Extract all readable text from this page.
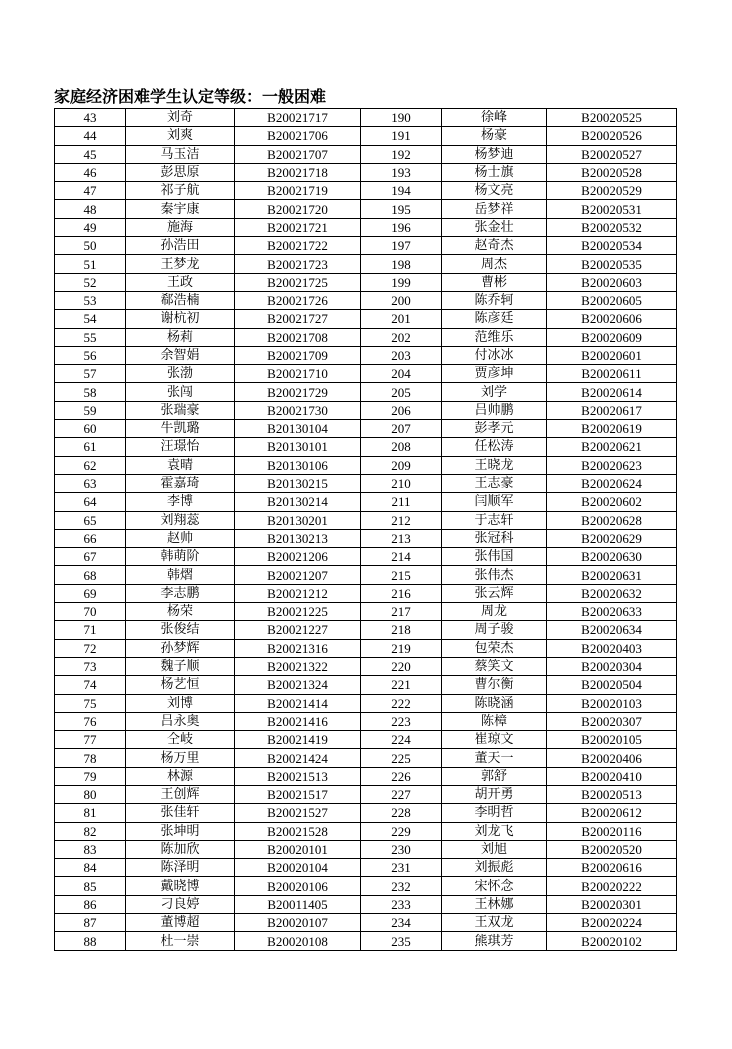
家庭经济困难学生认定等级：一般困难
43	刘奇	B20021717	190	徐峰	B20020525
44	刘爽	B20021706	191	杨豪	B20020526
45	马玉洁	B20021707	192	杨梦迪	B20020527
46	彭思原	B20021718	193	杨士旗	B20020528
47	祁子航	B20021719	194	杨文亮	B20020529
48	秦宇康	B20021720	195	岳梦祥	B20020531
49	施海	B20021721	196	张金壮	B20020532
50	孙浩田	B20021722	197	赵奇杰	B20020534
51	王梦龙	B20021723	198	周杰	B20020535
52	王政	B20021725	199	曹彬	B20020603
53	郗浩楠	B20021726	200	陈乔轲	B20020605
54	谢杭初	B20021727	201	陈彦廷	B20020606
55	杨莉	B20021708	202	范维乐	B20020609
56	余智娟	B20021709	203	付冰冰	B20020601
57	张渤	B20021710	204	贾彦坤	B20020611
58	张闯	B20021729	205	刘学	B20020614
59	张瑞豪	B20021730	206	吕帅鹏	B20020617
60	牛凯璐	B20130104	207	彭孝元	B20020619
61	汪璟怡	B20130101	208	任松涛	B20020621
62	袁晴	B20130106	209	王晓龙	B20020623
63	霍嘉琦	B20130215	210	王志豪	B20020624
64	李博	B20130214	211	闫顺军	B20020602
65	刘翔蕊	B20130201	212	于志轩	B20020628
66	赵帅	B20130213	213	张冠科	B20020629
67	韩萌阶	B20021206	214	张伟国	B20020630
68	韩熠	B20021207	215	张伟杰	B20020631
69	李志鹏	B20021212	216	张云辉	B20020632
70	杨荣	B20021225	217	周龙	B20020633
71	张俊结	B20021227	218	周子骏	B20020634
72	孙梦辉	B20021316	219	包荣杰	B20020403
73	魏子顺	B20021322	220	蔡笑文	B20020304
74	杨艺恒	B20021324	221	曹尔衡	B20020504
75	刘博	B20021414	222	陈晓涵	B20020103
76	吕永奥	B20021416	223	陈樟	B20020307
77	仝岐	B20021419	224	崔琼文	B20020105
78	杨万里	B20021424	225	董天一	B20020406
79	林源	B20021513	226	郭舒	B20020410
80	王创辉	B20021517	227	胡开勇	B20020513
81	张佳轩	B20021527	228	李明哲	B20020612
82	张坤明	B20021528	229	刘龙飞	B20020116
83	陈加欣	B20020101	230	刘旭	B20020520
84	陈泽明	B20020104	231	刘振彪	B20020616
85	戴晓博	B20020106	232	宋怀念	B20020222
86	刁良婷	B20011405	233	王林娜	B20020301
87	董博超	B20020107	234	王双龙	B20020224
88	杜一崇	B20020108	235	熊琪芳	B20020102
